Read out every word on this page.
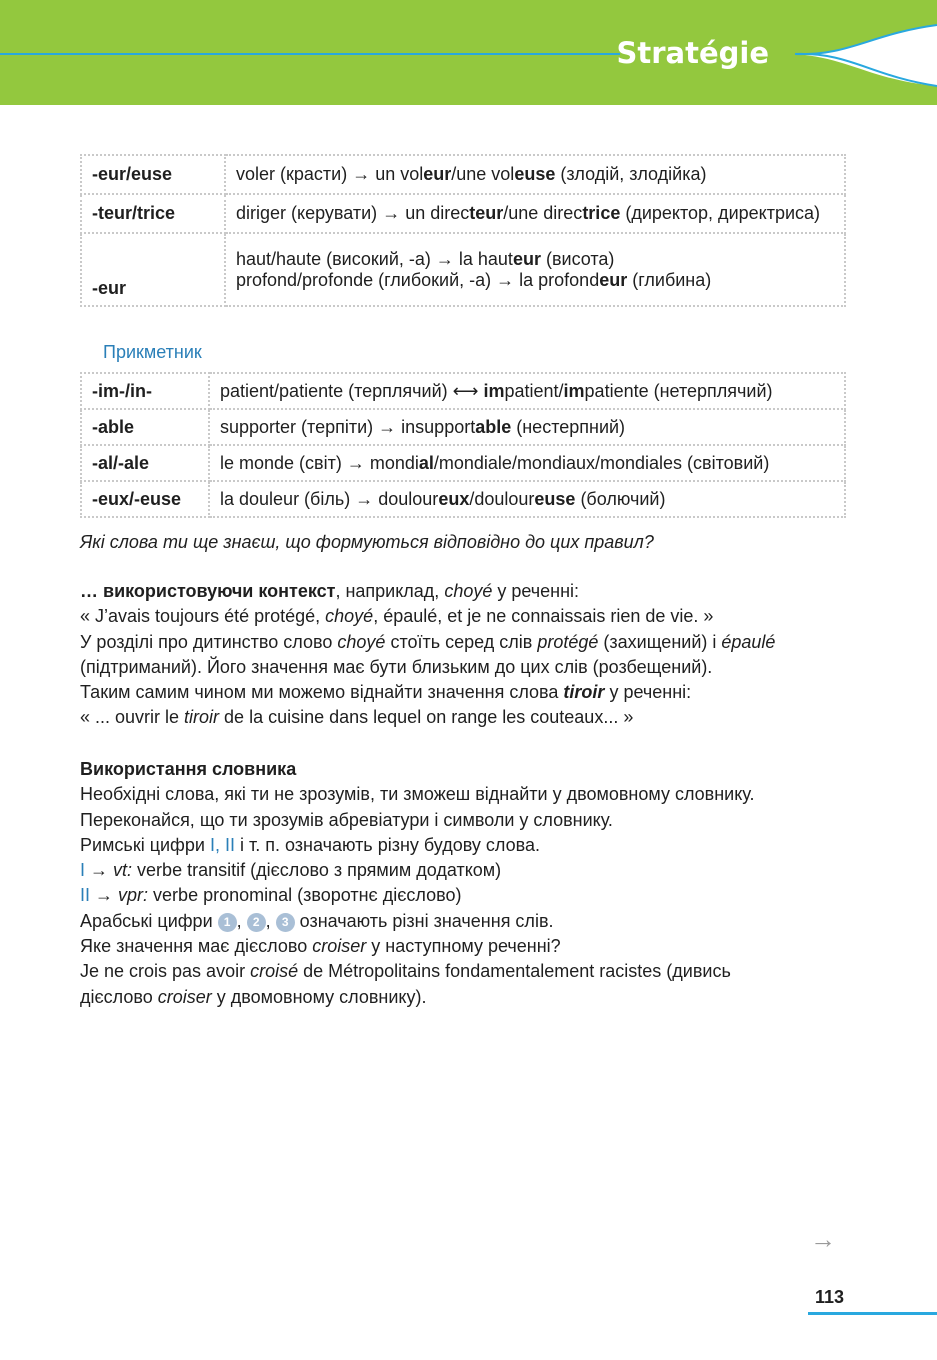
Stratégie
-eur/euse	voler (красти) → un voleur/une voleuse (злодій, злодійка)

-teur/trice	diriger (керувати) → un directeur/une directrice (директор, директриса)

-eur	haut/haute (високий, -а) → la hauteur (висота)

profond/profonde (глибокий, -а) → la profondeur (глибина)

Прикметник
-im-/in-	patient/patiente (терплячий) ⟷ impatient/impatiente (нетерплячий)

-able	supporter (терпіти) → insupportable (нестерпний)

-al/-ale	le monde (світ) → mondial/mondiale/mondiaux/mondiales (світовий)

-eux/-euse	la douleur (біль) → douloureux/douloureuse (болючий)

Які слова ти ще знаєш, що формуються відповідно до цих правил?

… використовуючи контекст, наприклад, choyé у реченні:

« J’avais toujours été protégé, choyé, épaulé, et je ne connaissais rien de vie. »

У розділі про дитинство слово choyé стоїть серед слів protégé (захищений) і épaulé

(підтриманий). Його значення має бути близьким до цих слів (розбещений).

Таким самим чином ми можемо віднайти значення слова tiroir у реченні:

« ... ouvrir le tiroir de la cuisine dans lequel on range les couteaux... »

Використання словника

Необхідні слова, які ти не зрозумів, ти зможеш віднайти у двомовному словнику.

Переконайся, що ти зрозумів абревіатури і символи у словнику.

Римські цифри I, II і т. п. означають різну будову слова.

I → vt: verbe transitif (дієслово з прямим додатком)

II → vpr: verbe pronominal (зворотнє дієслово)

Арабські цифри 1 , 2 , 3 означають різні значення слів.

Яке значення має дієслово croiser у наступному реченні?

Je ne crois pas avoir croisé de Métropolitains fondamentalement racistes (дивись

дієслово croiser у двомовному словнику).

→
113
